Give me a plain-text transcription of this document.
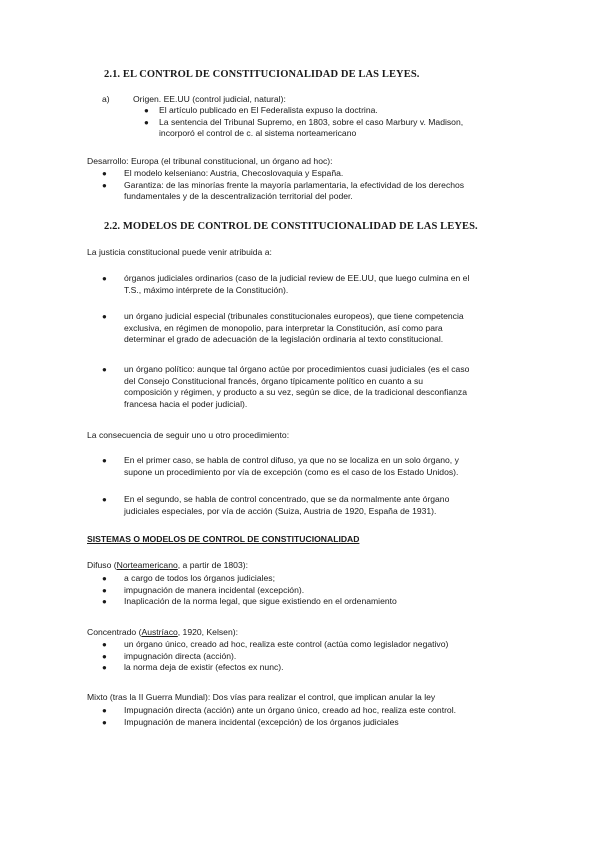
2.1. EL CONTROL DE CONSTITUCIONALIDAD DE LAS LEYES.
a)	Origen. EE.UU (control judicial, natural):
● El artículo publicado en El Federalista expuso la doctrina.
● La sentencia del Tribunal Supremo, en 1803, sobre el caso Marbury v. Madison,
incorporó el control de c. al sistema norteamericano
Desarrollo: Europa (el tribunal constitucional, un órgano ad hoc):
● El modelo kelseniano: Austria, Checoslovaquia y España.
● Garantiza: de las minorías frente la mayoría parlamentaria, la efectividad de los derechos
fundamentales y de la descentralización territorial del poder.
2.2. MODELOS DE CONTROL DE CONSTITUCIONALIDAD DE LAS LEYES.
La justicia constitucional puede venir atribuida a:
● órganos judiciales ordinarios (caso de la judicial review de EE.UU, que luego culmina en el
T.S., máximo intérprete de la Constitución).
● un órgano judicial especial (tribunales constitucionales europeos), que tiene competencia
exclusiva, en régimen de monopolio, para interpretar la Constitución, así como para
determinar el grado de adecuación de la legislación ordinaria al texto constitucional.
● un órgano político: aunque tal órgano actúe por procedimientos cuasi judiciales (es el caso
del Consejo Constitucional francés, órgano típicamente político en cuanto a su
composición y régimen, y producto a su vez, según se dice, de la tradicional desconfianza
francesa hacia el poder judicial).
La consecuencia de seguir uno u otro procedimiento:
● En el primer caso, se habla de control difuso, ya que no se localiza en un solo órgano, y
supone un procedimiento por vía de excepción (como es el caso de los Estado Unidos).
● En el segundo, se habla de control concentrado, que se da normalmente ante órgano
judiciales especiales, por vía de acción (Suiza, Austria de 1920, España de 1931).
SISTEMAS O MODELOS DE CONTROL DE CONSTITUCIONALIDAD
Difuso (Norteamericano, a partir de 1803):
● a cargo de todos los órganos judiciales;
● impugnación de manera incidental (excepción).
● Inaplicación de la norma legal, que sigue existiendo en el ordenamiento
Concentrado (Austríaco, 1920, Kelsen):
● un órgano único, creado ad hoc, realiza este control (actúa como legislador negativo)
● impugnación directa (acción).
● la norma deja de existir (efectos ex nunc).
Mixto (tras la II Guerra Mundial): Dos vías para realizar el control, que implican anular la ley
● Impugnación directa (acción) ante un órgano único, creado ad hoc, realiza este control.
● Impugnación de manera incidental (excepción) de los órganos judiciales
